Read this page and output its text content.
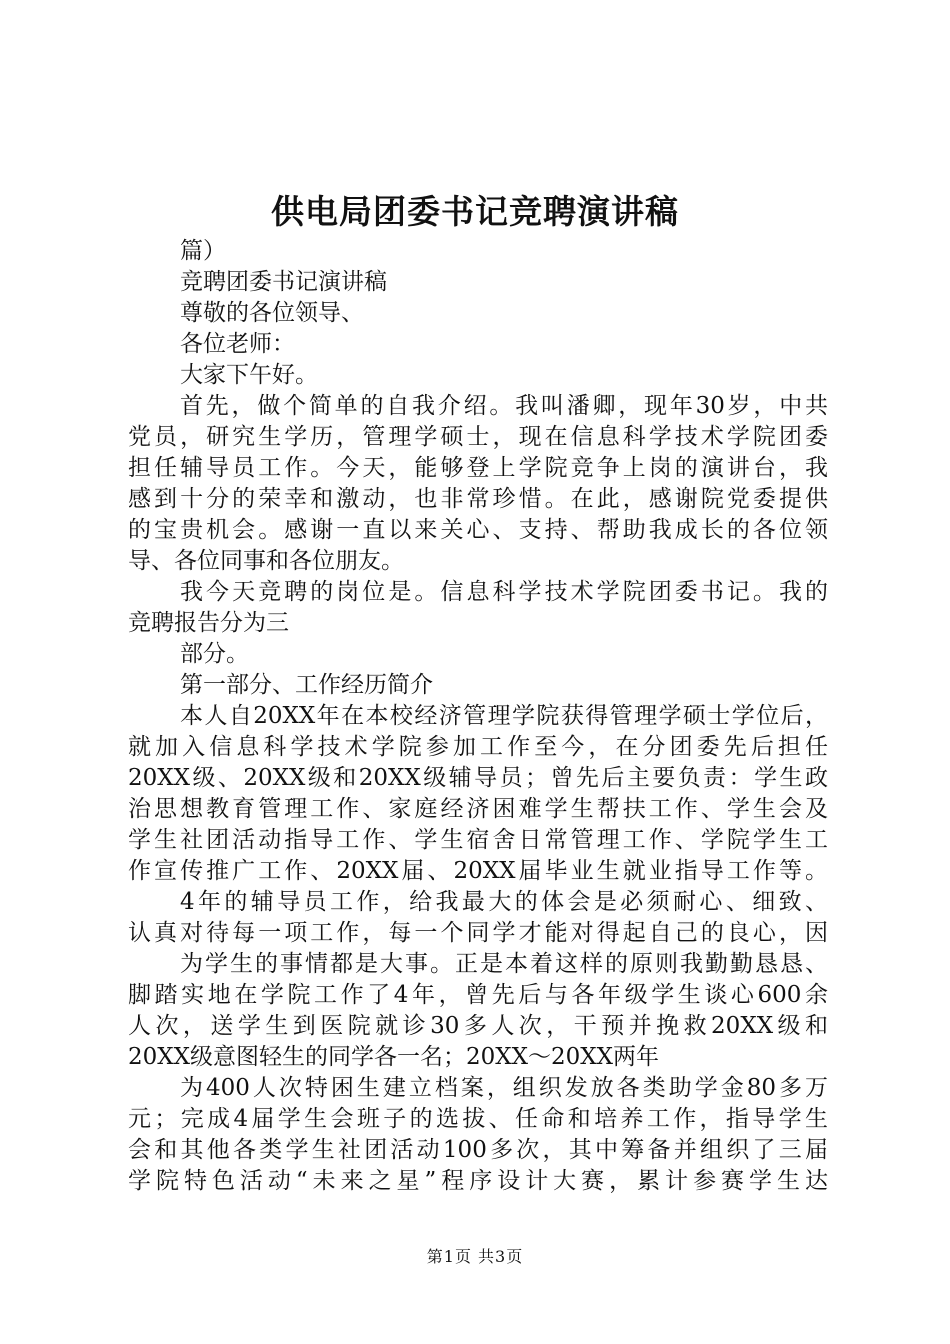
供电局团委书记竞聘演讲稿
篇）
竞聘团委书记演讲稿
尊敬的各位领导、
各位老师：
大家下午好。
首先，做个简单的自我介绍。我叫潘卿，现年30岁，中共
党员，研究生学历，管理学硕士，现在信息科学技术学院团委
担任辅导员工作。今天，能够登上学院竞争上岗的演讲台，我
感到十分的荣幸和激动，也非常珍惜。在此，感谢院党委提供
的宝贵机会。感谢一直以来关心、支持、帮助我成长的各位领
导、各位同事和各位朋友。
我今天竞聘的岗位是。信息科学技术学院团委书记。我的
竞聘报告分为三
部分。
第一部分、工作经历简介
本人自20XX年在本校经济管理学院获得管理学硕士学位后，
就加入信息科学技术学院参加工作至今，在分团委先后担任
20XX级、20XX级和20XX级辅导员；曾先后主要负责：学生政
治思想教育管理工作、家庭经济困难学生帮扶工作、学生会及
学生社团活动指导工作、学生宿舍日常管理工作、学院学生工
作宣传推广工作、20XX届、20XX届毕业生就业指导工作等。
4年的辅导员工作，给我最大的体会是必须耐心、细致、
认真对待每一项工作，每一个同学才能对得起自己的良心，因
为学生的事情都是大事。正是本着这样的原则我勤勤恳恳、
脚踏实地在学院工作了4年，曾先后与各年级学生谈心600余
人次，送学生到医院就诊30多人次，干预并挽救20XX级和
20XX级意图轻生的同学各一名；20XX～20XX两年
为400人次特困生建立档案，组织发放各类助学金80多万
元；完成4届学生会班子的选拔、任命和培养工作，指导学生
会和其他各类学生社团活动100多次，其中筹备并组织了三届
学院特色活动“未来之星”程序设计大赛，累计参赛学生达
第1页 共3页
